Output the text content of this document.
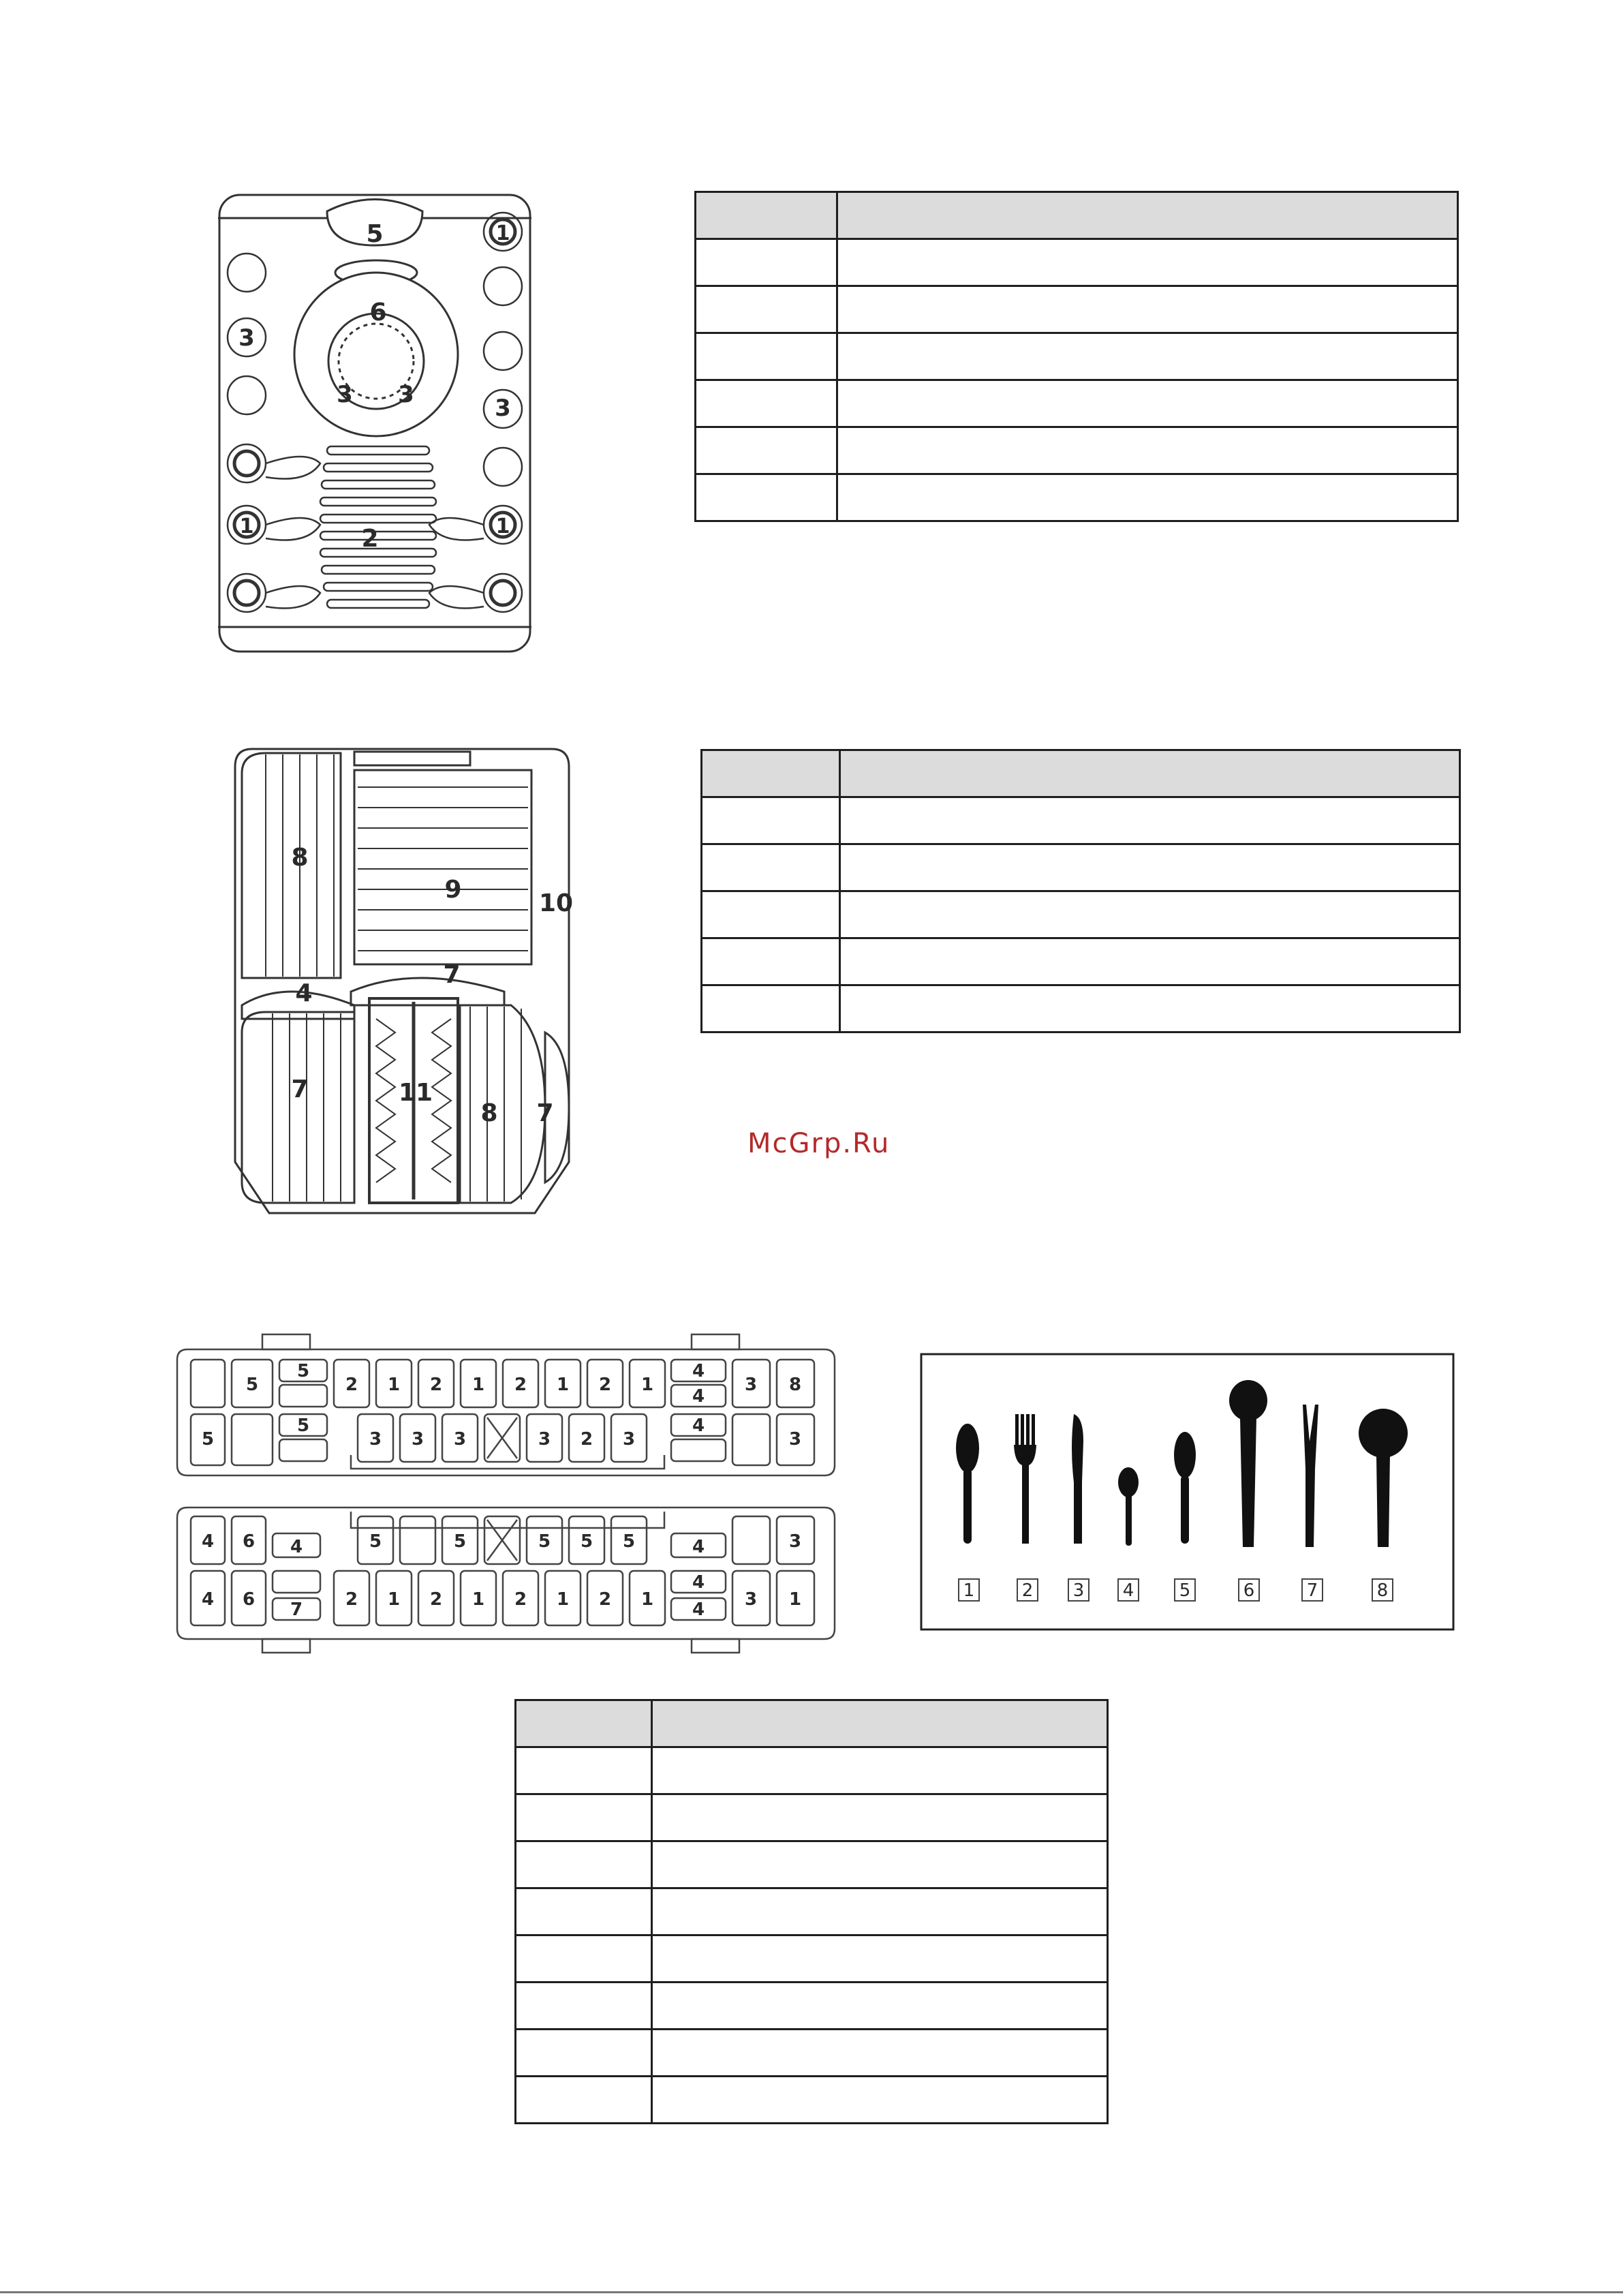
5
6
3
3 3	3
1
1	1
2
8
9	10
7
4
7	11
8 7
McGrp.Ru
5
5
2 1 2 1 2 1 2 1
4
4
3 8
5
5
3 3 3	3 2 3
4
3
4 6 4	5	5	5 5 5	4	3
4 6 7 2 1 2 1 2 1 2 1
4
4 3 1	1	2 3 4	5	6	7	8
